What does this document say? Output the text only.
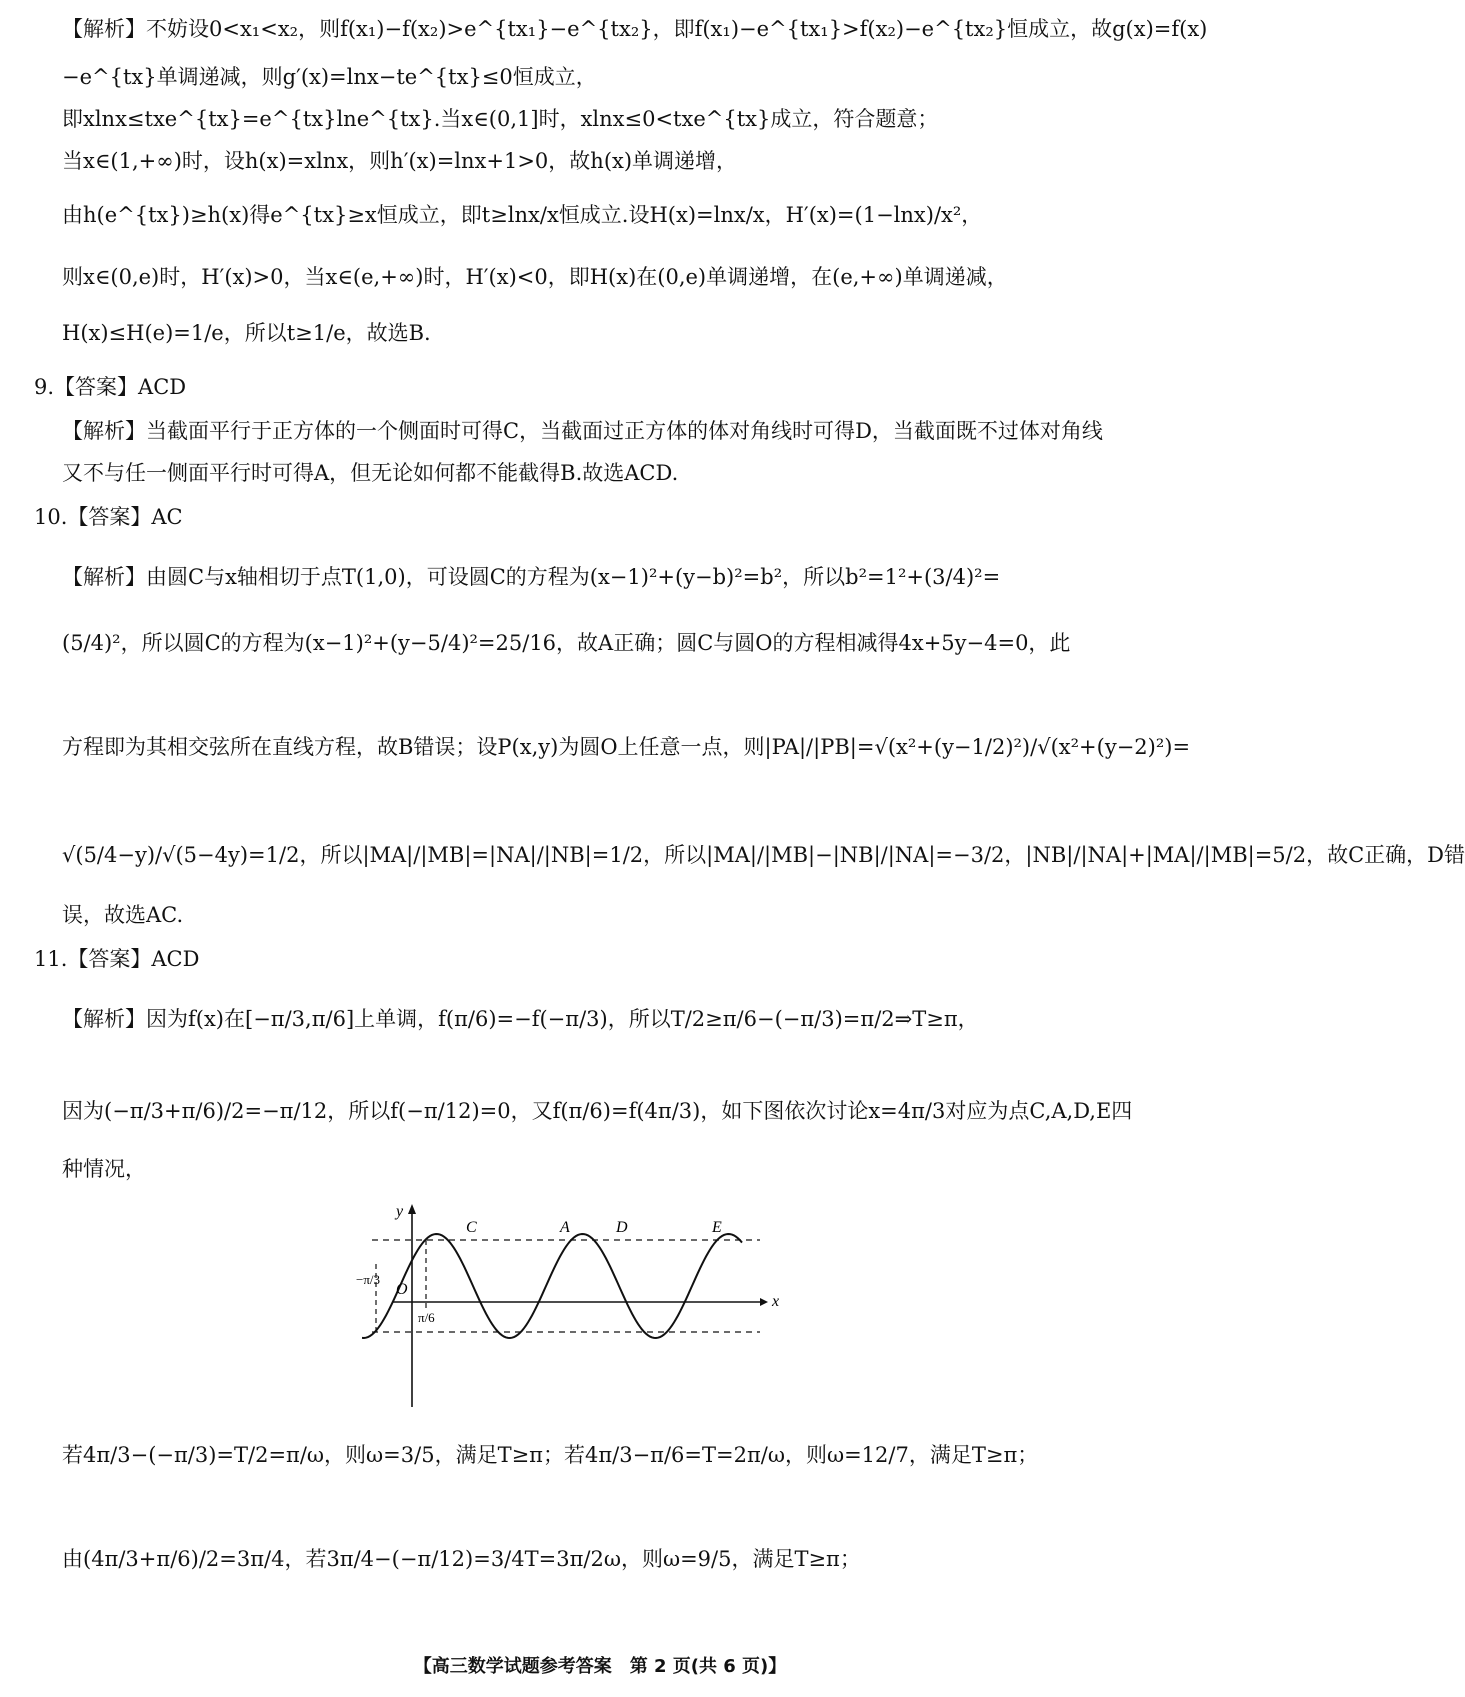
【解析】不妨设0<x₁<x₂，则f(x₁)−f(x₂)>e^{tx₁}−e^{tx₂}，即f(x₁)−e^{tx₁}>f(x₂)−e^{tx₂}恒成立，故g(x)=f(x)
−e^{tx}单调递减，则g′(x)=lnx−te^{tx}≤0恒成立，
即xlnx≤txe^{tx}=e^{tx}lne^{tx}.当x∈(0,1]时，xlnx≤0<txe^{tx}成立，符合题意；
当x∈(1,+∞)时，设h(x)=xlnx，则h′(x)=lnx+1>0，故h(x)单调递增，
由h(e^{tx})≥h(x)得e^{tx}≥x恒成立，即t≥lnx/x恒成立.设H(x)=lnx/x，H′(x)=(1−lnx)/x²，
则x∈(0,e)时，H′(x)>0，当x∈(e,+∞)时，H′(x)<0，即H(x)在(0,e)单调递增，在(e,+∞)单调递减，
H(x)≤H(e)=1/e，所以t≥1/e，故选B.
9.【答案】ACD
【解析】当截面平行于正方体的一个侧面时可得C，当截面过正方体的体对角线时可得D，当截面既不过体对角线
又不与任一侧面平行时可得A，但无论如何都不能截得B.故选ACD.
10.【答案】AC
【解析】由圆C与x轴相切于点T(1,0)，可设圆C的方程为(x−1)²+(y−b)²=b²，所以b²=1²+(3/4)²=
(5/4)²，所以圆C的方程为(x−1)²+(y−5/4)²=25/16，故A正确；圆C与圆O的方程相减得4x+5y−4=0，此
方程即为其相交弦所在直线方程，故B错误；设P(x,y)为圆O上任意一点，则|PA|/|PB|=√(x²+(y−1/2)²)/√(x²+(y−2)²)=
√(5/4−y)/√(5−4y)=1/2，所以|MA|/|MB|=|NA|/|NB|=1/2，所以|MA|/|MB|−|NB|/|NA|=−3/2，|NB|/|NA|+|MA|/|MB|=5/2，故C正确，D错
误，故选AC.
11.【答案】ACD
【解析】因为f(x)在[−π/3,π/6]上单调，f(π/6)=−f(−π/3)，所以T/2≥π/6−(−π/3)=π/2⇒T≥π，
因为(−π/3+π/6)/2=−π/12，所以f(−π/12)=0，又f(π/6)=f(4π/3)，如下图依次讨论x=4π/3对应为点C,A,D,E四
种情况，
y
x
O
−π/3
π/6
C	A	D	E
若4π/3−(−π/3)=T/2=π/ω，则ω=3/5，满足T≥π；若4π/3−π/6=T=2π/ω，则ω=12/7，满足T≥π；
由(4π/3+π/6)/2=3π/4，若3π/4−(−π/12)=3/4T=3π/2ω，则ω=9/5，满足T≥π；
【高三数学试题参考答案　第 2 页(共 6 页)】
